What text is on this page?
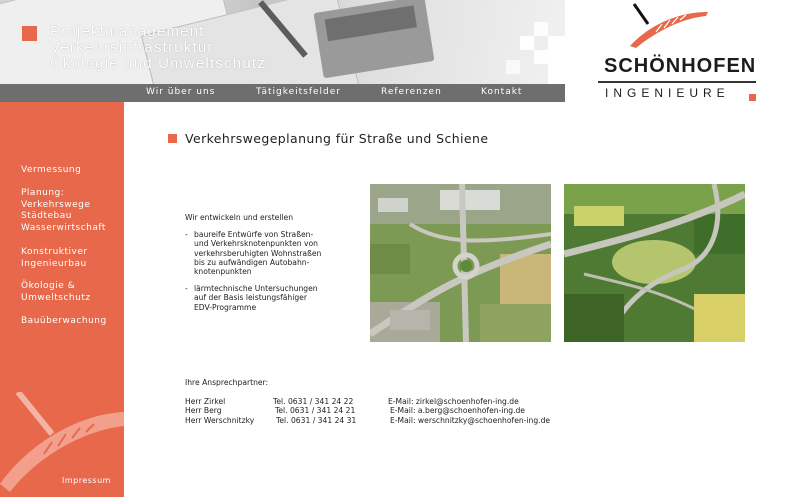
Projektmanagement
Verkehrsinfrastruktur
Ökologie und Umweltschutz
Wir über uns	Tätigkeitsfelder	Referenzen	Kontakt
SCHÖNHOFEN
INGENIEURE
Vermessung
Planung:
Verkehrswege
Städtebau
Wasserwirtschaft
Konstruktiver
Ingenieurbau
Ökologie &
Umweltschutz
Bauüberwachung
Impressum
Verkehrswegeplanung für Straße und Schiene
Wir entwickeln und erstellen
- baureife Entwürfe von Straßen-
und Verkehrsknotenpunkten von
verkehrsberuhigten Wohnstraßen
bis zu aufwändigen Autobahn-
knotenpunkten
- lärmtechnische Untersuchungen
auf der Basis leistungsfähiger
EDV-Programme
Ihre Ansprechpartner:
Herr Zirkel	Tel. 0631 / 341 24 22	E-Mail: zirkel@schoenhofen-ing.de
Herr Berg	Tel. 0631 / 341 24 21	E-Mail: a.berg@schoenhofen-ing.de
Herr Werschnitzky	Tel. 0631 / 341 24 31	E-Mail: werschnitzky@schoenhofen-ing.de
